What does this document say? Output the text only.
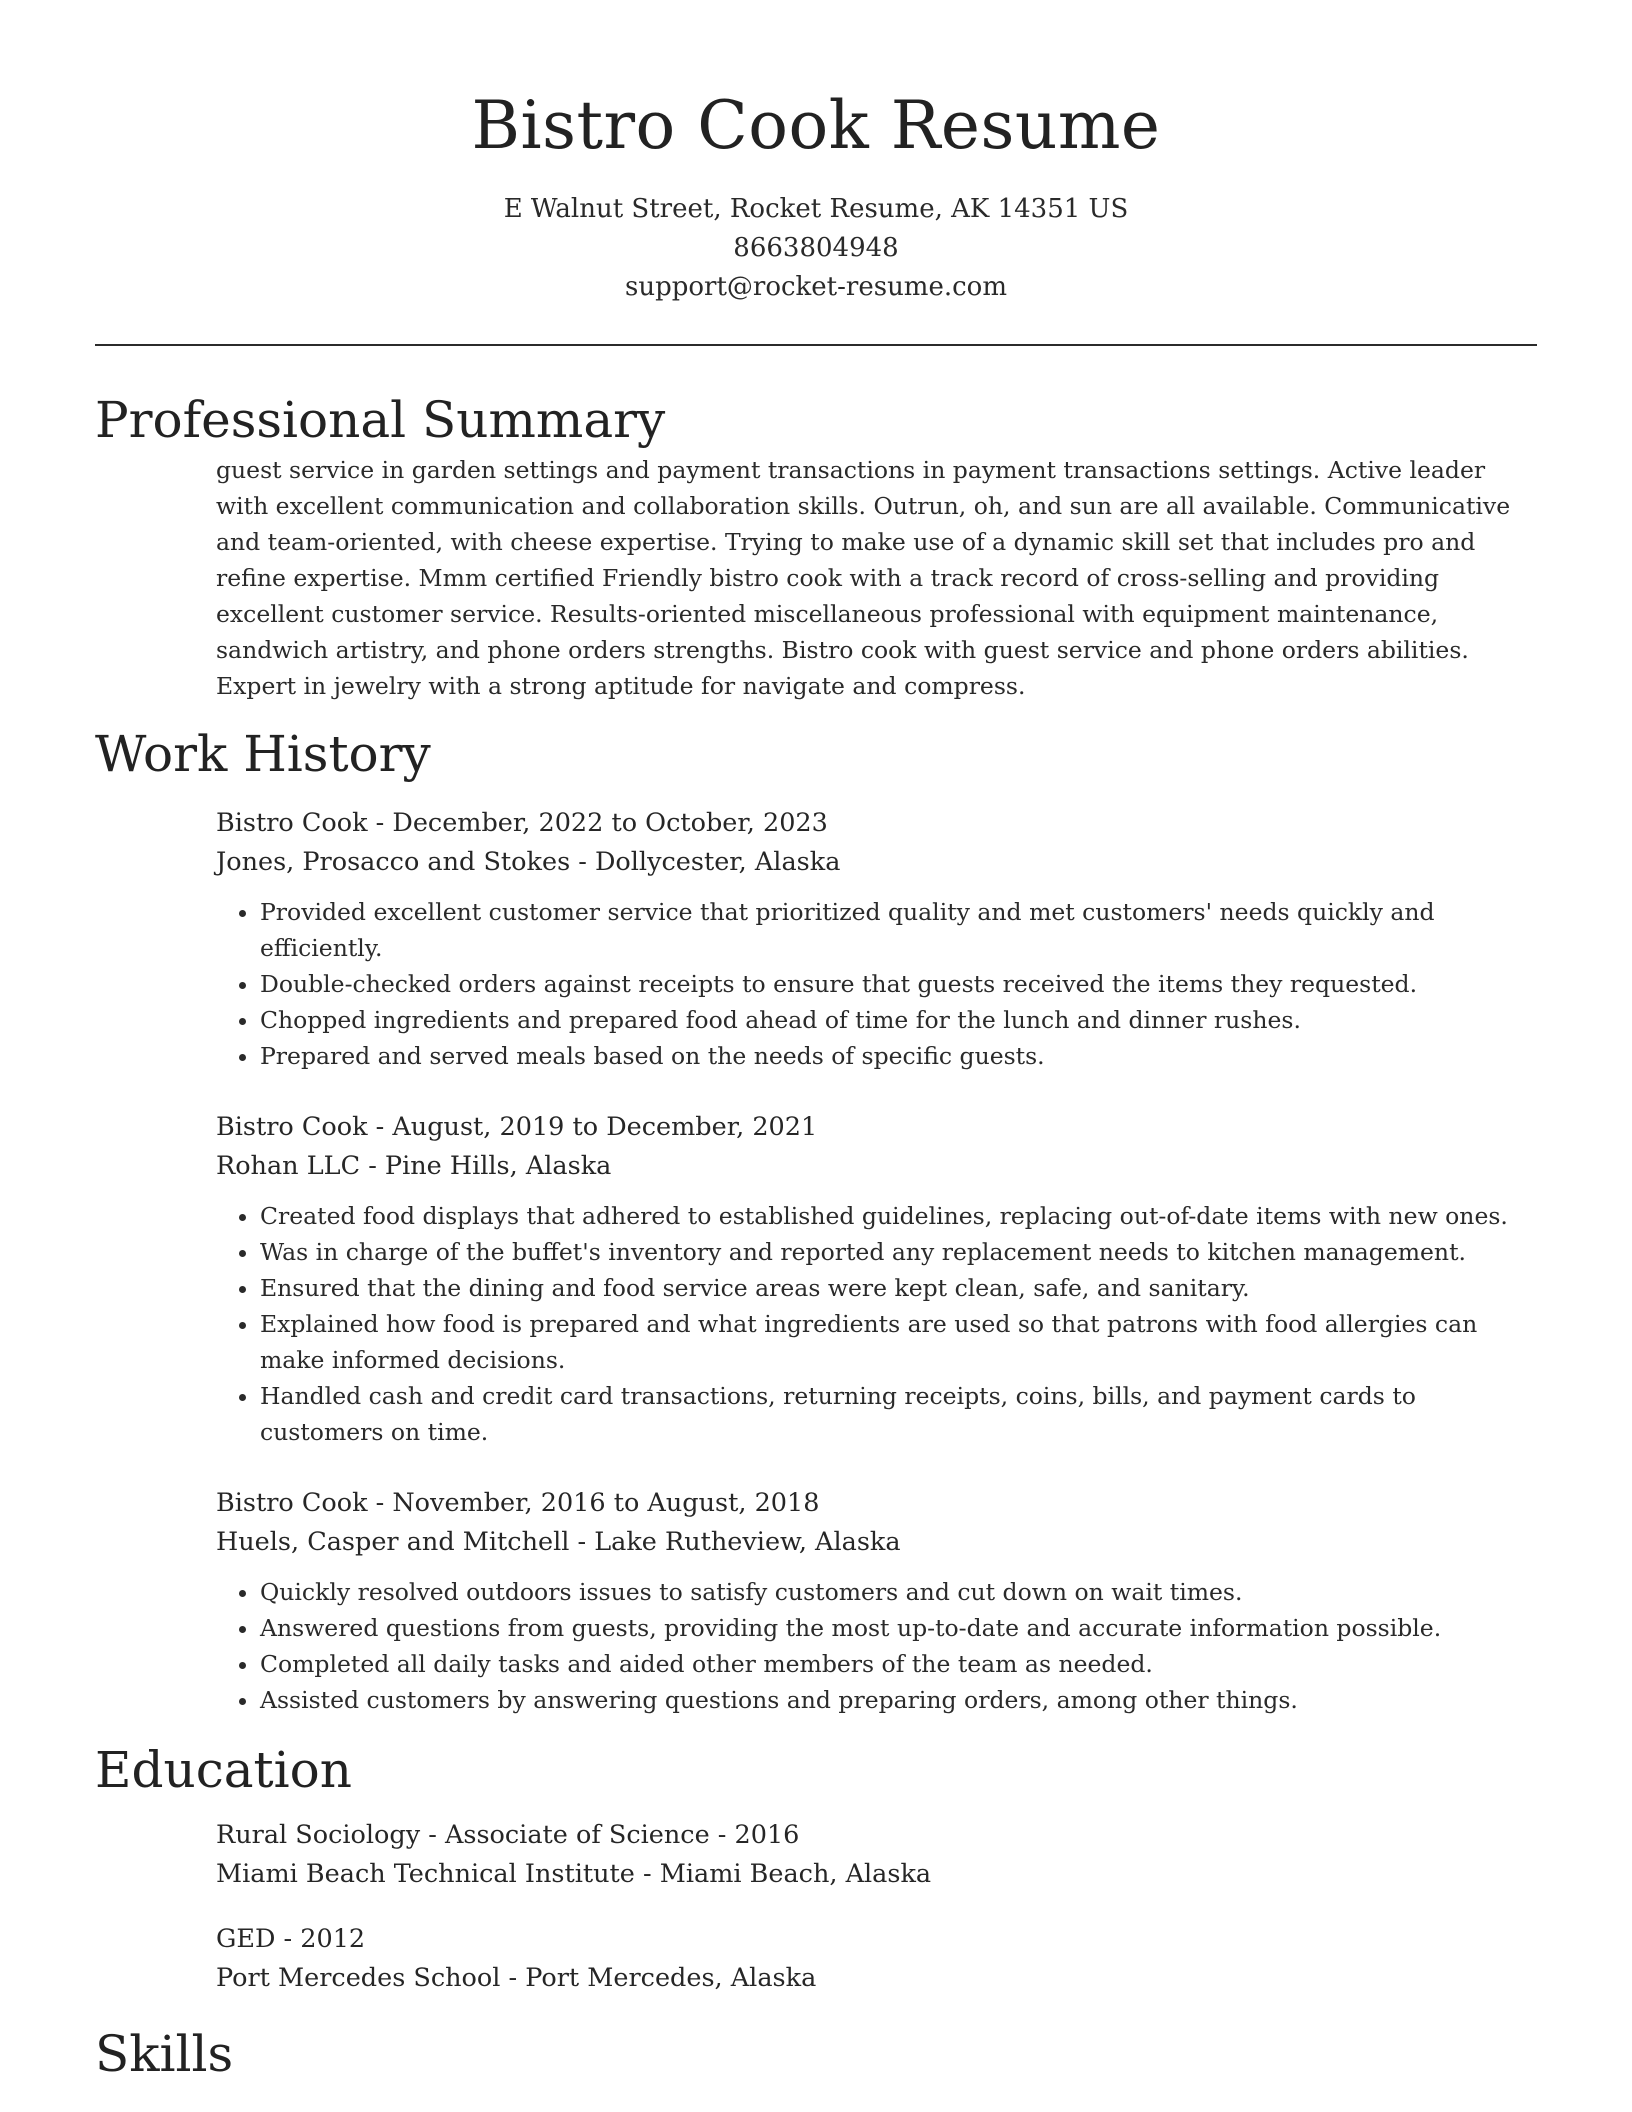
Bistro Cook Resume
E Walnut Street, Rocket Resume, AK 14351 US
8663804948
support@rocket-resume.com
Professional Summary
guest service in garden settings and payment transactions in payment transactions settings. Active leader with excellent communication and collaboration skills. Outrun, oh, and sun are all available. Communicative and team-oriented, with cheese expertise. Trying to make use of a dynamic skill set that includes pro and refine expertise. Mmm certified Friendly bistro cook with a track record of cross-selling and providing excellent customer service. Results-oriented miscellaneous professional with equipment maintenance, sandwich artistry, and phone orders strengths. Bistro cook with guest service and phone orders abilities. Expert in jewelry with a strong aptitude for navigate and compress.
Work History
Bistro Cook - December, 2022 to October, 2023
Jones, Prosacco and Stokes - Dollycester, Alaska
• Provided excellent customer service that prioritized quality and met customers' needs quickly and efficiently.
• Double-checked orders against receipts to ensure that guests received the items they requested.
• Chopped ingredients and prepared food ahead of time for the lunch and dinner rushes.
• Prepared and served meals based on the needs of specific guests.
Bistro Cook - August, 2019 to December, 2021
Rohan LLC - Pine Hills, Alaska
• Created food displays that adhered to established guidelines, replacing out-of-date items with new ones.
• Was in charge of the buffet's inventory and reported any replacement needs to kitchen management.
• Ensured that the dining and food service areas were kept clean, safe, and sanitary.
• Explained how food is prepared and what ingredients are used so that patrons with food allergies can make informed decisions.
• Handled cash and credit card transactions, returning receipts, coins, bills, and payment cards to customers on time.
Bistro Cook - November, 2016 to August, 2018
Huels, Casper and Mitchell - Lake Rutheview, Alaska
• Quickly resolved outdoors issues to satisfy customers and cut down on wait times.
• Answered questions from guests, providing the most up-to-date and accurate information possible.
• Completed all daily tasks and aided other members of the team as needed.
• Assisted customers by answering questions and preparing orders, among other things.
Education
Rural Sociology - Associate of Science - 2016
Miami Beach Technical Institute - Miami Beach, Alaska
GED - 2012
Port Mercedes School - Port Mercedes, Alaska
Skills
